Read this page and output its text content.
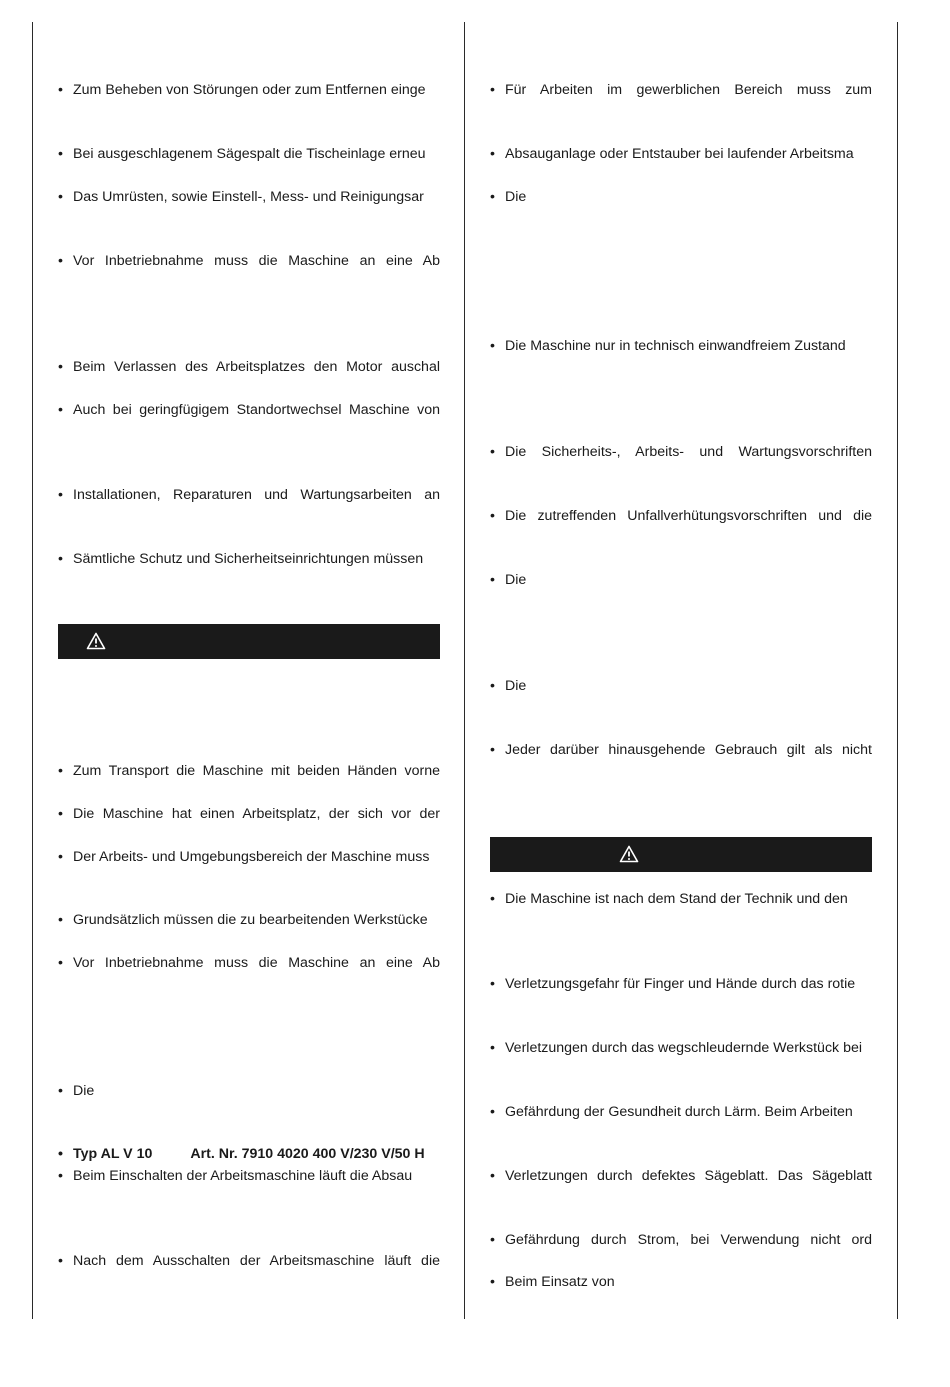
• Zum Beheben von Störungen oder zum Entfernen einge
• Bei ausgeschlagenem Sägespalt die Tischeinlage erneu
• Das Umrüsten, sowie Einstell-, Mess- und Reinigungsar
• Vor Inbetriebnahme muss die Maschine an eine Ab
• Beim Verlassen des Arbeitsplatzes den Motor auschal
• Auch bei geringfügigem Standortwechsel Maschine von
• Installationen, Reparaturen und Wartungsarbeiten an
• Sämtliche Schutz und Sicherheitseinrichtungen müssen
• Zum Transport die Maschine mit beiden Händen vorne
• Die Maschine hat einen Arbeitsplatz, der sich vor der
• Der Arbeits- und Umgebungsbereich der Maschine muss
• Grundsätzlich müssen die zu bearbeitenden Werkstücke
• Vor Inbetriebnahme muss die Maschine an eine Ab
• Die
• Typ AL V 10	Art. Nr. 7910 4020 400 V/230 V/50 H
• Beim Einschalten der Arbeitsmaschine läuft die Absau
• Nach dem Ausschalten der Arbeitsmaschine läuft die
• Für Arbeiten im gewerblichen Bereich muss zum
• Absauganlage oder Entstauber bei laufender Arbeitsma
• Die
• Die Maschine nur in technisch einwandfreiem Zustand
• Die Sicherheits-, Arbeits- und Wartungsvorschriften
• Die zutreffenden Unfallverhütungsvorschriften und die
• Die
• Die
• Jeder darüber hinausgehende Gebrauch gilt als nicht
• Die Maschine ist nach dem Stand der Technik und den
• Verletzungsgefahr für Finger und Hände durch das rotie
• Verletzungen durch das wegschleudernde Werkstück bei
• Gefährdung der Gesundheit durch Lärm. Beim Arbeiten
• Verletzungen durch defektes Sägeblatt. Das Sägeblatt
• Gefährdung durch Strom, bei Verwendung nicht ord
• Beim Einsatz von
